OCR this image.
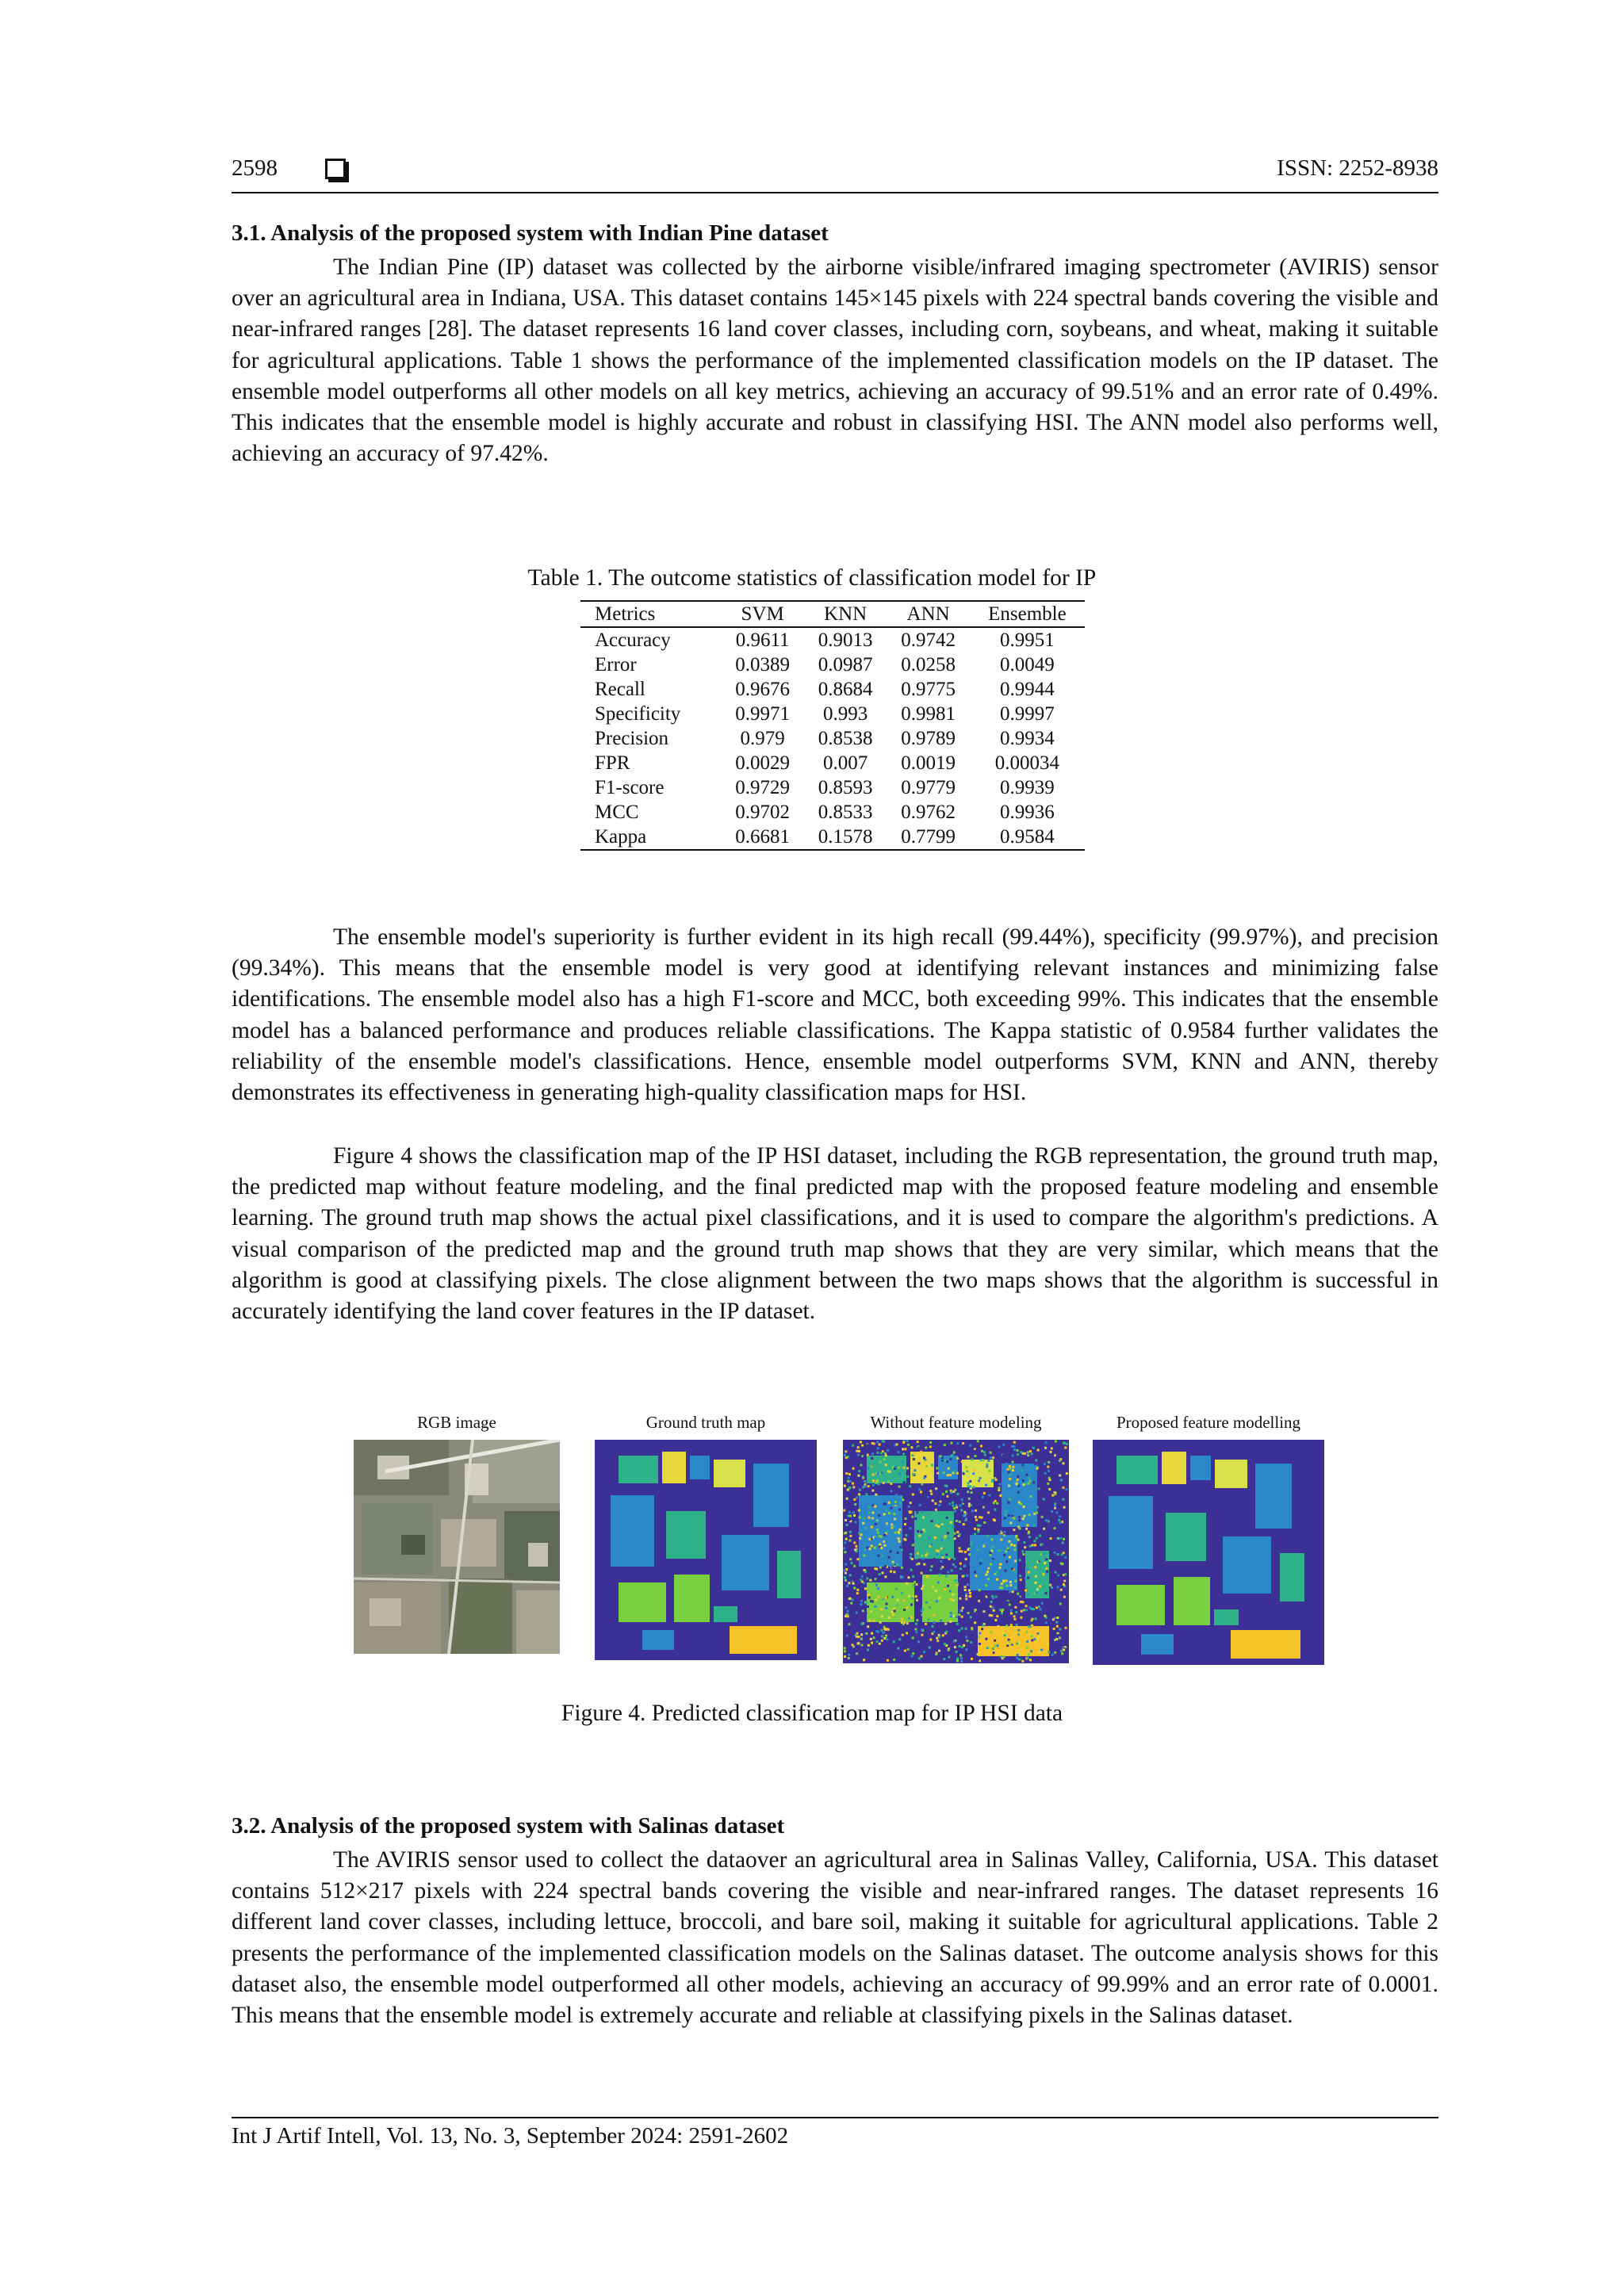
2598	ISSN: 2252-8938
3.1. Analysis of the proposed system with Indian Pine dataset

The Indian Pine (IP) dataset was collected by the airborne visible/infrared imaging spectrometer (AVIRIS) sensor over an agricultural area in Indiana, USA. This dataset contains 145×145 pixels with 224 spectral bands covering the visible and near-infrared ranges [28]. The dataset represents 16 land cover classes, including corn, soybeans, and wheat, making it suitable for agricultural applications. Table 1 shows the performance of the implemented classification models on the IP dataset. The ensemble model outperforms all other models on all key metrics, achieving an accuracy of 99.51% and an error rate of 0.49%. This indicates that the ensemble model is highly accurate and robust in classifying HSI. The ANN model also performs well, achieving an accuracy of 97.42%.

Table 1. The outcome statistics of classification model for IP
Metrics	SVM	KNN	ANN	Ensemble
Accuracy	0.9611	0.9013	0.9742	0.9951
Error	0.0389	0.0987	0.0258	0.0049
Recall	0.9676	0.8684	0.9775	0.9944
Specificity	0.9971	0.993	0.9981	0.9997
Precision	0.979	0.8538	0.9789	0.9934
FPR	0.0029	0.007	0.0019	0.00034
F1-score	0.9729	0.8593	0.9779	0.9939
MCC	0.9702	0.8533	0.9762	0.9936
Kappa	0.6681	0.1578	0.7799	0.9584

The ensemble model's superiority is further evident in its high recall (99.44%), specificity (99.97%), and precision (99.34%). This means that the ensemble model is very good at identifying relevant instances and minimizing false identifications. The ensemble model also has a high F1-score and MCC, both exceeding 99%. This indicates that the ensemble model has a balanced performance and produces reliable classifications. The Kappa statistic of 0.9584 further validates the reliability of the ensemble model's classifications. Hence, ensemble model outperforms SVM, KNN and ANN, thereby demonstrates its effectiveness in generating high-quality classification maps for HSI.

Figure 4 shows the classification map of the IP HSI dataset, including the RGB representation, the ground truth map, the predicted map without feature modeling, and the final predicted map with the proposed feature modeling and ensemble learning. The ground truth map shows the actual pixel classifications, and it is used to compare the algorithm's predictions. A visual comparison of the predicted map and the ground truth map shows that they are very similar, which means that the algorithm is good at classifying pixels. The close alignment between the two maps shows that the algorithm is successful in accurately identifying the land cover features in the IP dataset.

RGB image	Ground truth map	Without feature modeling	Proposed feature modelling
Figure 4. Predicted classification map for IP HSI data
3.2. Analysis of the proposed system with Salinas dataset

The AVIRIS sensor used to collect the dataover an agricultural area in Salinas Valley, California, USA. This dataset contains 512×217 pixels with 224 spectral bands covering the visible and near-infrared ranges. The dataset represents 16 different land cover classes, including lettuce, broccoli, and bare soil, making it suitable for agricultural applications. Table 2 presents the performance of the implemented classification models on the Salinas dataset. The outcome analysis shows for this dataset also, the ensemble model outperformed all other models, achieving an accuracy of 99.99% and an error rate of 0.0001. This means that the ensemble model is extremely accurate and reliable at classifying pixels in the Salinas dataset.

Int J Artif Intell, Vol. 13, No. 3, September 2024: 2591-2602
